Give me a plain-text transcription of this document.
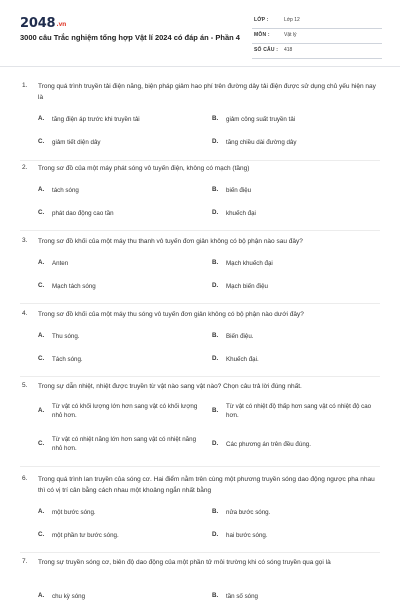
2048.vn
3000 câu Trắc nghiệm tổng hợp Vật lí 2024 có đáp án - Phần 4
LỚP :	Lớp 12
MÔN :	Vật lý
SỐ CÂU : 418
1. Trong quá trình truyền tải điện năng, biện pháp giảm hao phí trên đường dây tải điện được sử dụng chủ yếu hiện nay là
A. tăng điện áp trước khi truyền tải	B. giảm công suất truyền tải
C. giảm tiết diện dây	D. tăng chiều dài đường dây
2. Trong sơ đồ của một máy phát sóng vô tuyến điện, không có mạch (tầng)
A. tách sóng	B. biến điệu
C. phát dao động cao tần	D. khuếch đại
3. Trong sơ đồ khối của một máy thu thanh vô tuyến đơn giản không có bộ phận nào sau đây?
A. Anten	B. Mạch khuếch đại
C. Mạch tách sóng	D. Mạch biến điệu
4. Trong sơ đồ khối của một máy thu sóng vô tuyến đơn giản không có bộ phận nào dưới đây?
A. Thu sóng.	B. Biến điệu.
C. Tách sóng.	D. Khuếch đại.
5. Trong sự dẫn nhiệt, nhiệt được truyền từ vật nào sang vật nào? Chọn câu trả lời đúng nhất.
A.
Từ vật có khối lượng lớn hơn sang vật có khối lượng nhỏ hơn.
B.
Từ vật có nhiệt độ thấp hơn sang vật có nhiệt độ cao hơn.
C.
Từ vật có nhiệt năng lớn hơn sang vật có nhiệt năng nhỏ hơn.
D. Các phương án trên đều đúng.
6. Trong quá trình lan truyền của sóng cơ. Hai điểm nằm trên cùng một phương truyền sóng dao động ngược pha nhau thì có vị trí cân bằng cách nhau một khoảng ngắn nhất bằng
A. một bước sóng.	B. nửa bước sóng.
C. một phần tư bước sóng.	D. hai bước sóng.
7. Trong sự truyền sóng cơ, biên độ dao động của một phần tử môi trường khi có sóng truyền qua gọi là
A. chu kỳ sóng	B. tần số sóng
